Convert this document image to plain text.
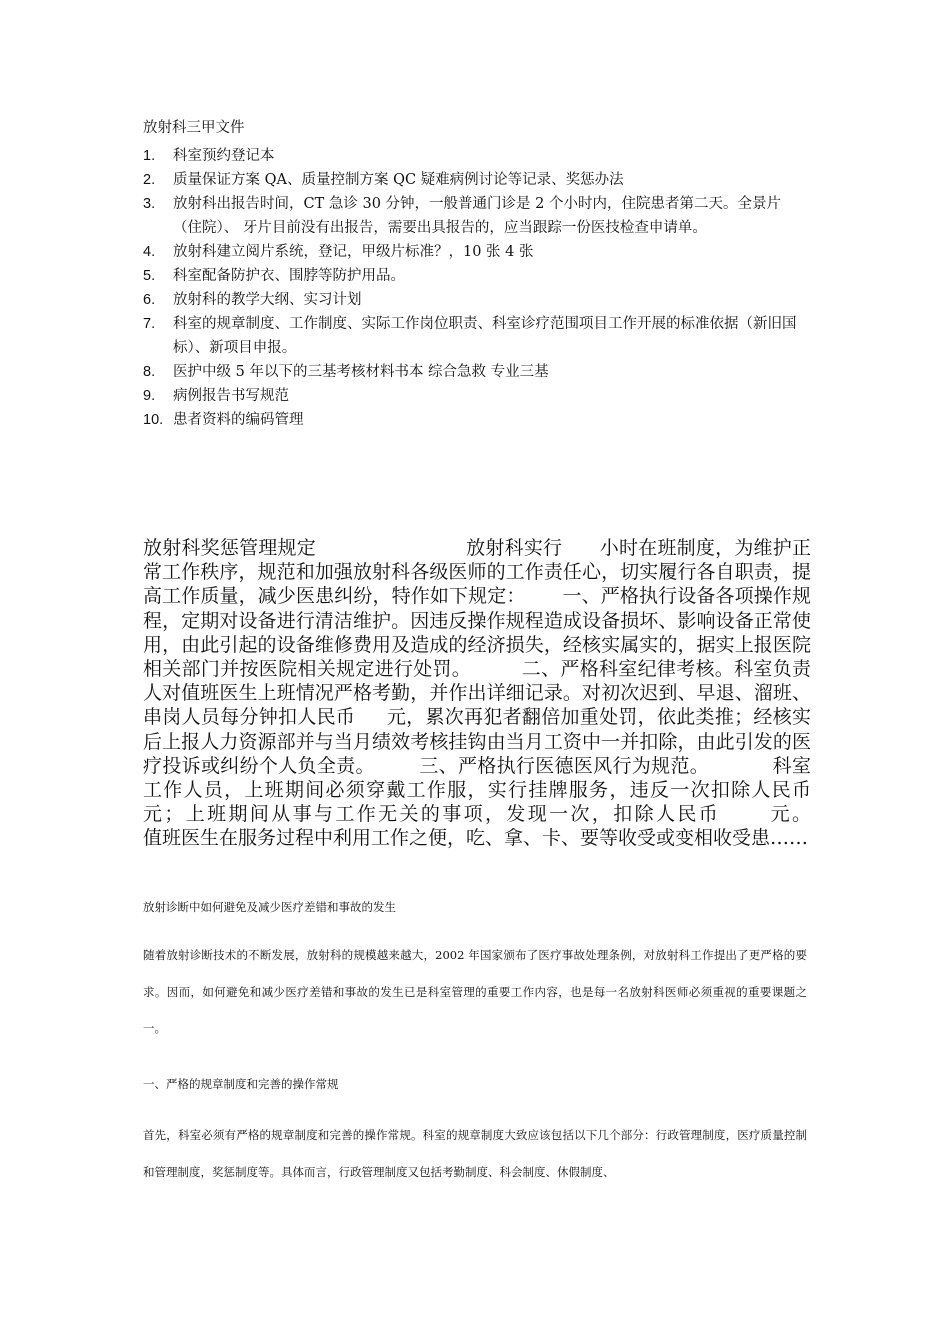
放射科三甲文件
1. 科室预约登记本
2. 质量保证方案 QA、质量控制方案 QC 疑难病例讨论等记录、奖惩办法
3. 放射科出报告时间，CT 急诊 30 分钟，一般普通门诊是 2 个小时内，住院患者第二天。全景片（住院）、 牙片目前没有出报告，需要出具报告的，应当跟踪一份医技检查申请单。
4. 放射科建立阅片系统，登记，甲级片标准？，10 张 4 张
5. 科室配备防护衣、围脖等防护用品。
6. 放射科的教学大纲、实习计划
7. 科室的规章制度、工作制度、实际工作岗位职责、科室诊疗范围项目工作开展的标准依据（新旧国标）、新项目申报。
8. 医护中级 5 年以下的三基考核材料书本 综合急救 专业三基
9. 病例报告书写规范
10. 患者资料的编码管理
放射科奖惩管理规定                        放射科实行      小时在班制度，为维护正常工作秩序，规范和加强放射科各级医师的工作责任心，切实履行各自职责，提高工作质量，减少医患纠纷，特作如下规定：      一、严格执行设备各项操作规程，定期对设备进行清洁维护。因违反操作规程造成设备损坏、影响设备正常使用，由此引起的设备维修费用及造成的经济损失，经核实属实的，据实上报医院相关部门并按医院相关规定进行处罚。        二、严格科室纪律考核。科室负责人对值班医生上班情况严格考勤，并作出详细记录。对初次迟到、早退、溜班、串岗人员每分钟扣人民币     元，累次再犯者翻倍加重处罚，依此类推；经核实后上报人力资源部并与当月绩效考核挂钩由当月工资中一并扣除，由此引发的医疗投诉或纠纷个人负全责。       三、严格执行医德医风行为规范。          科室工作人员，上班期间必须穿戴工作服，实行挂牌服务，违反一次扣除人民币      元；上班期间从事与工作无关的事项，发现一次，扣除人民币      元。           值班医生在服务过程中利用工作之便，吃、拿、卡、要等收受或变相收受患……
放射诊断中如何避免及减少医疗差错和事故的发生
随着放射诊断技术的不断发展，放射科的规模越来越大，2002 年国家颁布了医疗事故处理条例，对放射科工作提出了更严格的要求。因而，如何避免和减少医疗差错和事故的发生已是科室管理的重要工作内容，也是每一名放射科医师必须重视的重要课题之一。
一、严格的规章制度和完善的操作常规
首先，科室必须有严格的规章制度和完善的操作常规。科室的规章制度大致应该包括以下几个部分：行政管理制度，医疗质量控制和管理制度，奖惩制度等。具体而言，行政管理制度又包括考勤制度、科会制度、休假制度、
